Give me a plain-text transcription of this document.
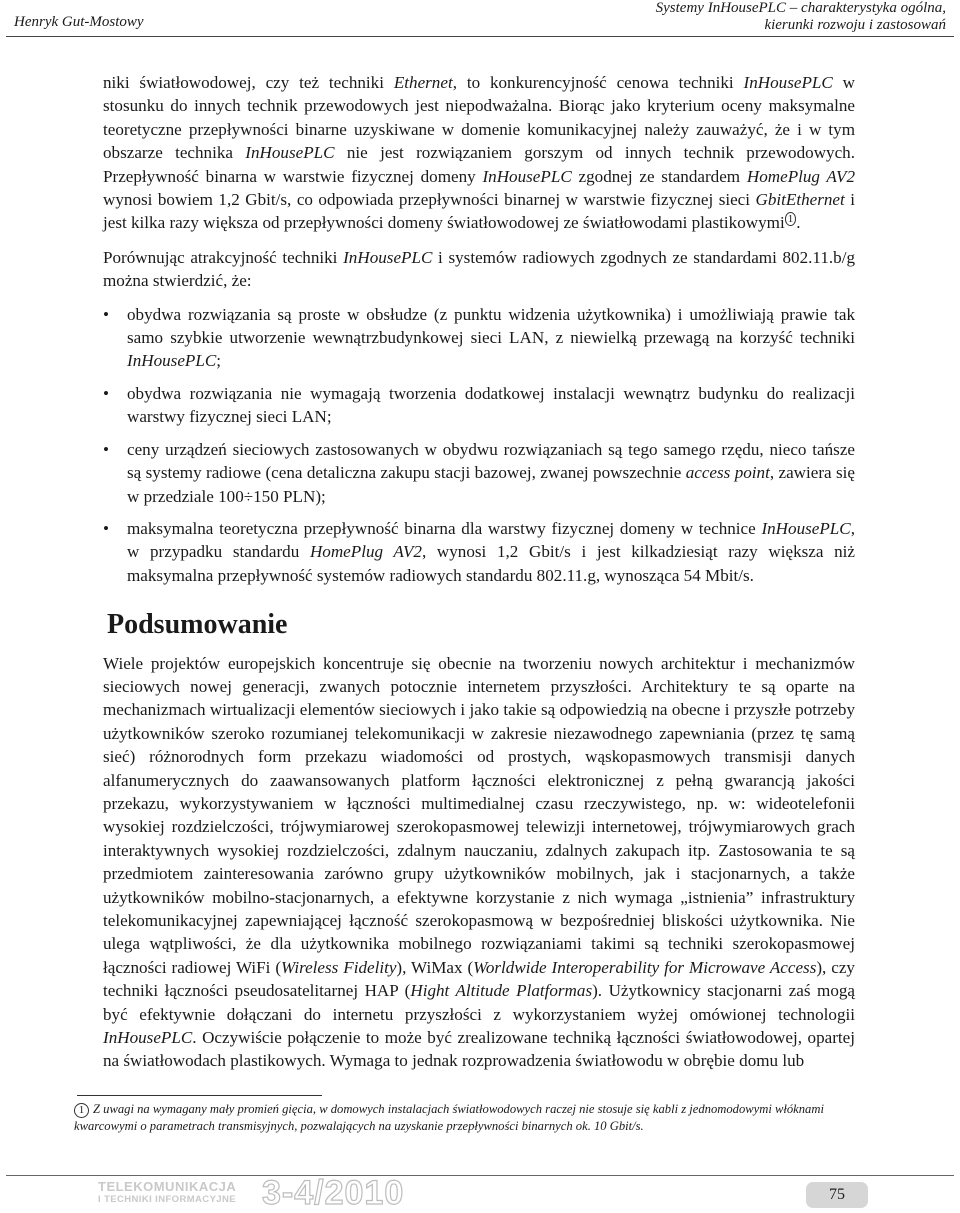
Henryk Gut-Mostowy
Systemy InHousePLC – charakterystyka ogólna,
kierunki rozwoju i zastosowań

niki światłowodowej, czy też techniki Ethernet, to konkurencyjność cenowa techniki InHousePLC w stosunku do innych technik przewodowych jest niepodważalna. Biorąc jako kryterium oceny maksymalne teoretyczne przepływności binarne uzyskiwane w domenie komunikacyjnej należy zauważyć, że i w tym obszarze technika InHousePLC nie jest rozwiązaniem gorszym od innych technik przewodowych. Przepływność binarna w warstwie fizycznej domeny InHousePLC zgodnej ze standardem HomePlug AV2 wynosi bowiem 1,2 Gbit/s, co odpowiada przepływności binarnej w warstwie fizycznej sieci GbitEthernet i jest kilka razy większa od przepływności domeny światłowodowej ze światłowodami plastikowymi $^1$ .

Porównując atrakcyjność techniki InHousePLC i systemów radiowych zgodnych ze standardami 802.11.b/g można stwierdzić, że:

• obydwa rozwiązania są proste w obsłudze (z punktu widzenia użytkownika) i umożliwiają prawie tak samo szybkie utworzenie wewnątrzbudynkowej sieci LAN, z niewielką przewagą na korzyść techniki InHousePLC;
• obydwa rozwiązania nie wymagają tworzenia dodatkowej instalacji wewnątrz budynku do realizacji warstwy fizycznej sieci LAN;
• ceny urządzeń sieciowych zastosowanych w obydwu rozwiązaniach są tego samego rzędu, nieco tańsze są systemy radiowe (cena detaliczna zakupu stacji bazowej, zwanej powszechnie access point, zawiera się w przedziale 100÷150 PLN);
• maksymalna teoretyczna przepływność binarna dla warstwy fizycznej domeny w technice InHousePLC, w przypadku standardu HomePlug AV2, wynosi 1,2 Gbit/s i jest kilkadziesiąt razy większa niż maksymalna przepływność systemów radiowych standardu 802.11.g, wynosząca 54 Mbit/s.
Podsumowanie

Wiele projektów europejskich koncentruje się obecnie na tworzeniu nowych architektur i mechanizmów sieciowych nowej generacji, zwanych potocznie internetem przyszłości. Architektury te są oparte na mechanizmach wirtualizacji elementów sieciowych i jako takie są odpowiedzią na obecne i przyszłe potrzeby użytkowników szeroko rozumianej telekomunikacji w zakresie niezawodnego zapewniania (przez tę samą sieć) różnorodnych form przekazu wiadomości od prostych, wąskopasmowych transmisji danych alfanumerycznych do zaawansowanych platform łączności elektronicznej z pełną gwarancją jakości przekazu, wykorzystywaniem w łączności multimedialnej czasu rzeczywistego, np. w: wideotelefonii wysokiej rozdzielczości, trójwymiarowej szerokopasmowej telewizji internetowej, trójwymiarowych grach interaktywnych wysokiej rozdzielczości, zdalnym nauczaniu, zdalnych zakupach itp. Zastosowania te są przedmiotem zainteresowania zarówno grupy użytkowników mobilnych, jak i stacjonarnych, a także użytkowników mobilno-stacjonarnych, a efektywne korzystanie z nich wymaga „istnienia” infrastruktury telekomunikacyjnej zapewniającej łączność szerokopasmową w bezpośredniej bliskości użytkownika. Nie ulega wątpliwości, że dla użytkownika mobilnego rozwiązaniami takimi są techniki szerokopasmowej łączności radiowej WiFi (Wireless Fidelity), WiMax (Worldwide Interoperability for Microwave Access), czy techniki łączności pseudosatelitarnej HAP (Hight Altitude Platformas). Użytkownicy stacjonarni zaś mogą być efektywnie dołączani do internetu przyszłości z wykorzystaniem wyżej omówionej technologii InHousePLC. Oczywiście połączenie to może być zrealizowane techniką łączności światłowodowej, opartej na światłowodach plastikowych. Wymaga to jednak rozprowadzenia światłowodu w obrębie domu lub

1 Z uwagi na wymagany mały promień gięcia, w domowych instalacjach światłowodowych raczej nie stosuje się kabli z jednomodowymi włóknami kwarcowymi o parametrach transmisyjnych, pozwalających na uzyskanie przepływności binarnych ok. 10 Gbit/s.
TELEKOMUNIKACJA
I TECHNIKI INFORMACYJNE 3-4/2010	75
